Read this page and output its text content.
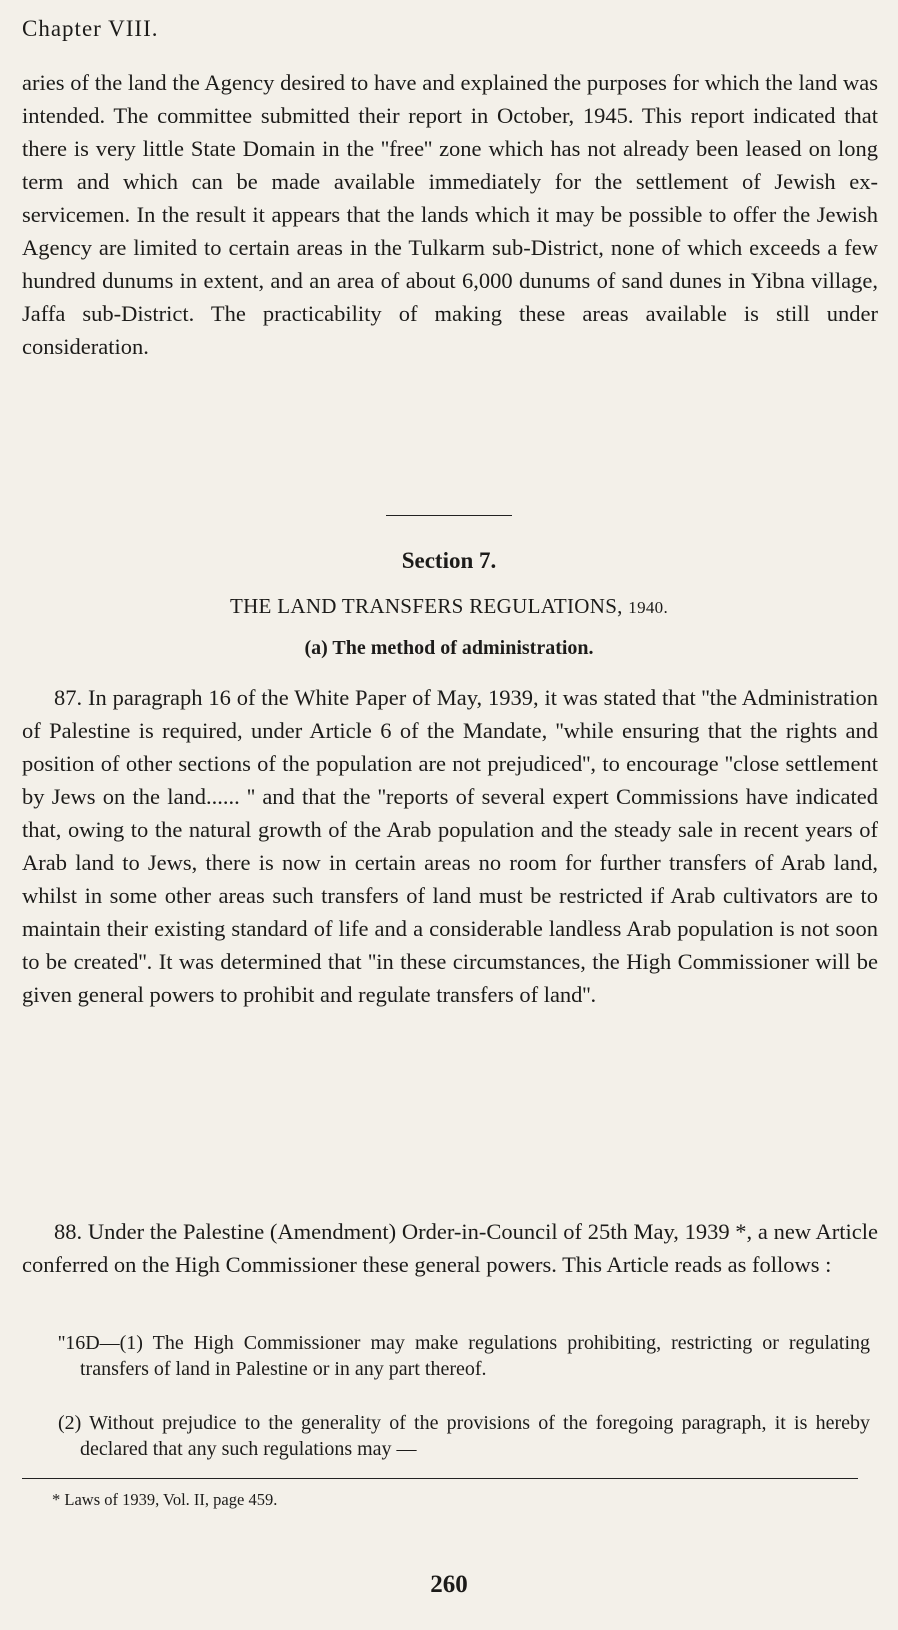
Chapter VIII.

aries of the land the Agency desired to have and explained the purposes for which the land was intended. The committee submitted their report in October, 1945. This report indicated that there is very little State Domain in the ''free'' zone which has not already been leased on long term and which can be made available immediately for the settlement of Jewish ex-servicemen. In the result it appears that the lands which it may be possible to offer the Jewish Agency are limited to certain areas in the Tulkarm sub-District, none of which exceeds a few hundred dunums in extent, and an area of about 6,000 dunums of sand dunes in Yibna village, Jaffa sub-District. The practicability of making these areas available is still under consideration.

Section 7.

THE LAND TRANSFERS REGULATIONS, 1940.

(a) The method of administration.

87. In paragraph 16 of the White Paper of May, 1939, it was stated that ''the Administration of Palestine is required, under Article 6 of the Mandate, ''while ensuring that the rights and position of other sections of the population are not prejudiced'', to encourage ''close settlement by Jews on the land...... '' and that the ''reports of several expert Commissions have indicated that, owing to the natural growth of the Arab population and the steady sale in recent years of Arab land to Jews, there is now in certain areas no room for further transfers of Arab land, whilst in some other areas such transfers of land must be restricted if Arab cultivators are to maintain their existing standard of life and a considerable landless Arab population is not soon to be created''. It was determined that ''in these circumstances, the High Commissioner will be given general powers to prohibit and regulate transfers of land''.

88. Under the Palestine (Amendment) Order-in-Council of 25th May, 1939 *, a new Article conferred on the High Commissioner these general powers. This Article reads as follows :

''16D—(1) The High Commissioner may make regulations prohibiting, restricting or regulating transfers of land in Palestine or in any part thereof.

(2) Without prejudice to the generality of the provisions of the foregoing paragraph, it is hereby declared that any such regulations may —

* Laws of 1939, Vol. II, page 459.

260
